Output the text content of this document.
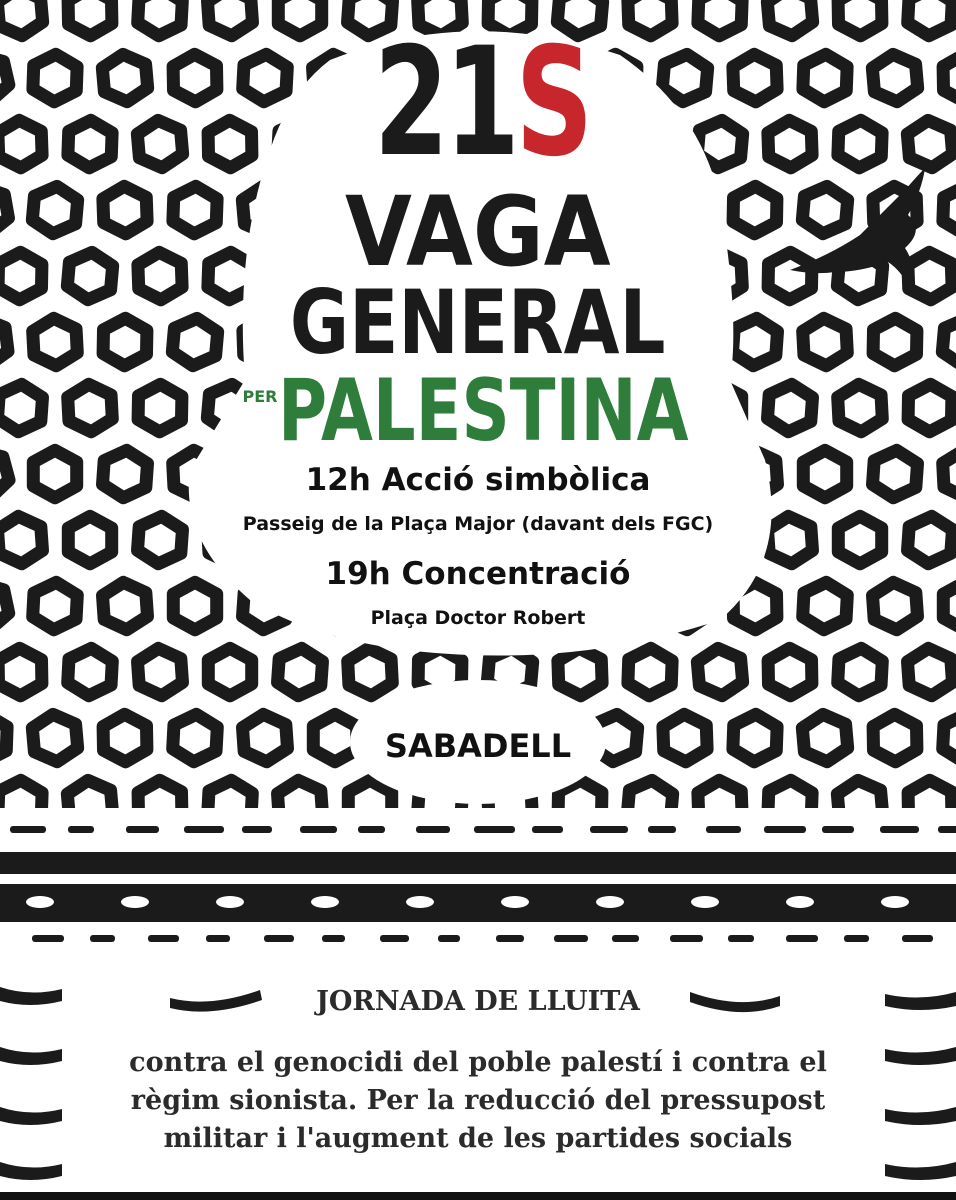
21S

VAGA

GENERAL

PER PALESTINA

12h Acció simbòlica

Passeig de la Plaça Major (davant dels FGC)

19h Concentració

Plaça Doctor Robert

SABADELL

JORNADA DE LLUITA

contra el genocidi del poble palestí i contra el règim sionista. Per la reducció del pressupost militar i l'augment de les partides socials
